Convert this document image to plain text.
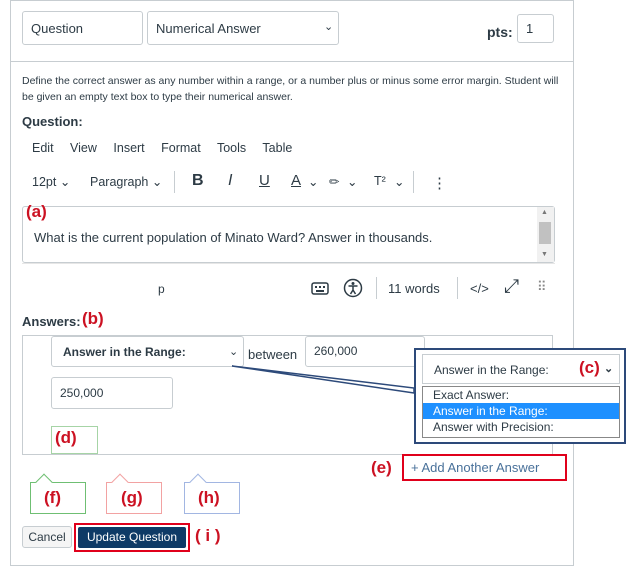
Question	Numerical Answer	⌄	pts:	1
Define the correct answer as any number within a range, or a number plus or minus some error margin. Student will be given an empty text box to type their numerical answer.
Question:
Edit View Insert Format Tools Table
12pt ⌄ Paragraph ⌄ B I U A ⌄ ✏ ⌄ T² ⌄ ⋮
What is the current population of Minato Ward? Answer in thousands.
▲
▼
p	11 words </> ⤢ ⠿
Answers:
Answer in the Range:	⌄ between	260,000
250,000
Answer in the Range:	⌄
Exact Answer:
Answer in the Range:
Answer with Precision:
+ Add Another Answer
Cancel	Update Question
(a)
(b)
(c)
(d)
(e)
(f)	(g)	(h)
( i )
